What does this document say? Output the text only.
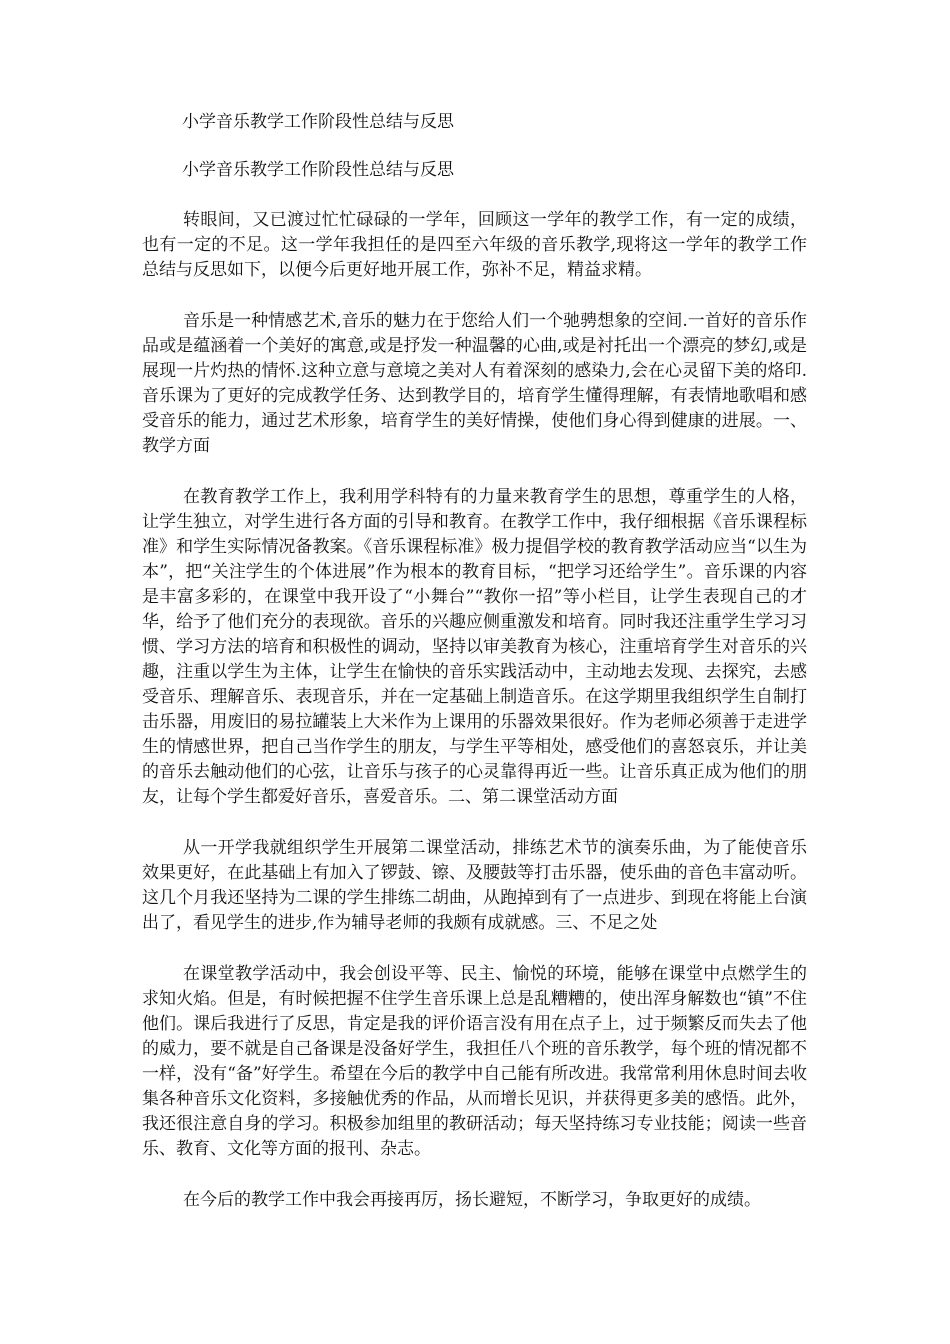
小学音乐教学工作阶段性总结与反思

小学音乐教学工作阶段性总结与反思

转眼间，又已渡过忙忙碌碌的一学年，回顾这一学年的教学工作，有一定的成绩，也有一定的不足。这一学年我担任的是四至六年级的音乐教学,现将这一学年的教学工作总结与反思如下，以便今后更好地开展工作，弥补不足，精益求精。

音乐是一种情感艺术,音乐的魅力在于您给人们一个驰骋想象的空间.一首好的音乐作品或是蕴涵着一个美好的寓意,或是抒发一种温馨的心曲,或是衬托出一个漂亮的梦幻,或是展现一片灼热的情怀.这种立意与意境之美对人有着深刻的感染力,会在心灵留下美的烙印.音乐课为了更好的完成教学任务、达到教学目的，培育学生懂得理解，有表情地歌唱和感受音乐的能力，通过艺术形象，培育学生的美好情操，使他们身心得到健康的进展。一、教学方面

在教育教学工作上，我利用学科特有的力量来教育学生的思想，尊重学生的人格，让学生独立，对学生进行各方面的引导和教育。在教学工作中，我仔细根据《音乐课程标准》和学生实际情况备教案。《音乐课程标准》极力提倡学校的教育教学活动应当“以生为本”，把“关注学生的个体进展”作为根本的教育目标，“把学习还给学生”。音乐课的内容是丰富多彩的，在课堂中我开设了“小舞台”“教你一招”等小栏目，让学生表现自己的才华，给予了他们充分的表现欲。音乐的兴趣应侧重激发和培育。同时我还注重学生学习习惯、学习方法的培育和积极性的调动，坚持以审美教育为核心，注重培育学生对音乐的兴趣，注重以学生为主体，让学生在愉快的音乐实践活动中，主动地去发现、去探究，去感受音乐、理解音乐、表现音乐，并在一定基础上制造音乐。在这学期里我组织学生自制打击乐器，用废旧的易拉罐装上大米作为上课用的乐器效果很好。作为老师必须善于走进学生的情感世界，把自己当作学生的朋友，与学生平等相处，感受他们的喜怒哀乐，并让美的音乐去触动他们的心弦，让音乐与孩子的心灵靠得再近一些。让音乐真正成为他们的朋友，让每个学生都爱好音乐，喜爱音乐。二、第二课堂活动方面

从一开学我就组织学生开展第二课堂活动，排练艺术节的演奏乐曲，为了能使音乐效果更好，在此基础上有加入了锣鼓、镲、及腰鼓等打击乐器，使乐曲的音色丰富动听。这几个月我还坚持为二课的学生排练二胡曲，从跑掉到有了一点进步、到现在将能上台演出了，看见学生的进步,作为辅导老师的我颇有成就感。三、不足之处

在课堂教学活动中，我会创设平等、民主、愉悦的环境，能够在课堂中点燃学生的求知火焰。但是，有时候把握不住学生音乐课上总是乱糟糟的，使出浑身解数也“镇”不住他们。课后我进行了反思，肯定是我的评价语言没有用在点子上，过于频繁反而失去了他的威力，要不就是自己备课是没备好学生，我担任八个班的音乐教学，每个班的情况都不一样，没有“备”好学生。希望在今后的教学中自己能有所改进。我常常利用休息时间去收集各种音乐文化资料，多接触优秀的作品，从而增长见识，并获得更多美的感悟。此外，我还很注意自身的学习。积极参加组里的教研活动；每天坚持练习专业技能；阅读一些音乐、教育、文化等方面的报刊、杂志。

在今后的教学工作中我会再接再厉，扬长避短，不断学习，争取更好的成绩。
